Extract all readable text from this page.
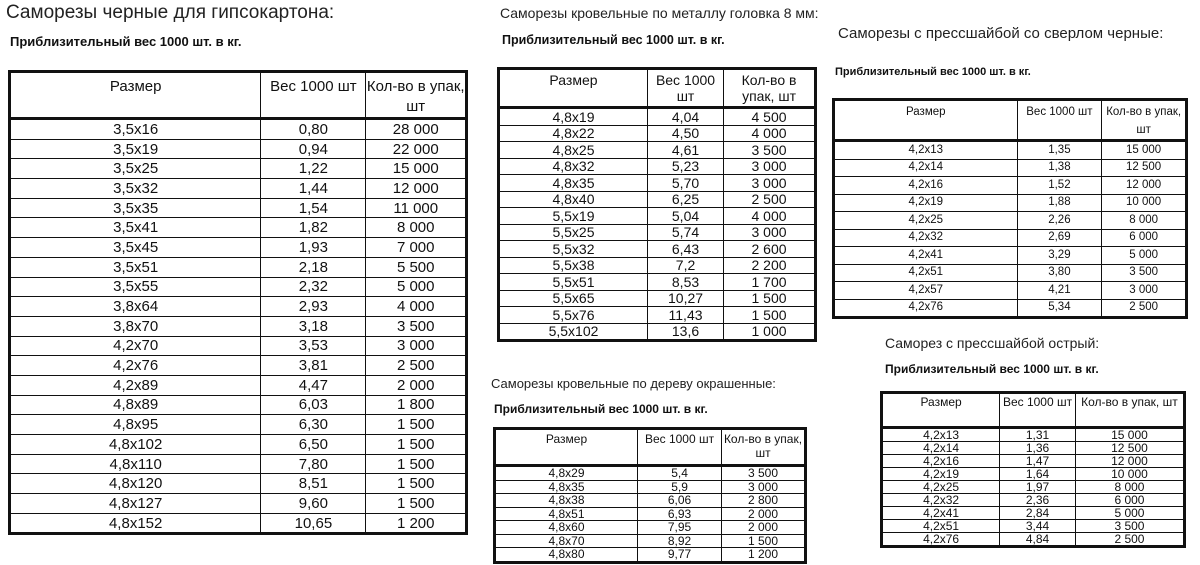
Саморезы черные для гипсокартона:
Приблизительный вес 1000 шт. в кг.
Размер	Вес 1000 шт	Кол-во в упак, шт
3,5х16	0,80	28 000
3,5х19	0,94	22 000
3,5х25	1,22	15 000
3,5х32	1,44	12 000
3,5х35	1,54	11 000
3,5х41	1,82	8 000
3,5х45	1,93	7 000
3,5х51	2,18	5 500
3,5х55	2,32	5 000
3,8х64	2,93	4 000
3,8х70	3,18	3 500
4,2х70	3,53	3 000
4,2х76	3,81	2 500
4,2х89	4,47	2 000
4,8х89	6,03	1 800
4,8х95	6,30	1 500
4,8х102	6,50	1 500
4,8х110	7,80	1 500
4,8х120	8,51	1 500
4,8х127	9,60	1 500
4,8х152	10,65	1 200
Саморезы кровельные по металлу головка 8 мм:
Приблизительный вес 1000 шт. в кг.
Размер	Вес 1000 шт	Кол-во в упак, шт
4,8х19	4,04	4 500
4,8х22	4,50	4 000
4,8х25	4,61	3 500
4,8х32	5,23	3 000
4,8х35	5,70	3 000
4,8х40	6,25	2 500
5,5х19	5,04	4 000
5,5х25	5,74	3 000
5,5х32	6,43	2 600
5,5х38	7,2	2 200
5,5х51	8,53	1 700
5,5х65	10,27	1 500
5,5х76	11,43	1 500
5,5х102	13,6	1 000
Саморезы кровельные по дереву окрашенные:
Приблизительный вес 1000 шт. в кг.
Размер	Вес 1000 шт	Кол-во в упак, шт
4,8х29	5,4	3 500
4,8х35	5,9	3 000
4,8х38	6,06	2 800
4,8х51	6,93	2 000
4,8х60	7,95	2 000
4,8х70	8,92	1 500
4,8х80	9,77	1 200
Саморезы с прессшайбой со сверлом черные:
Приблизительный вес 1000 шт. в кг.
Размер	Вес 1000 шт	Кол-во в упак, шт
4,2х13	1,35	15 000
4,2х14	1,38	12 500
4,2х16	1,52	12 000
4,2х19	1,88	10 000
4,2х25	2,26	8 000
4,2х32	2,69	6 000
4,2х41	3,29	5 000
4,2х51	3,80	3 500
4,2х57	4,21	3 000
4,2х76	5,34	2 500
Саморез с прессшайбой острый:
Приблизительный вес 1000 шт. в кг.
Размер	Вес 1000 шт	Кол-во в упак, шт
4,2х13	1,31	15 000
4,2х14	1,36	12 500
4,2х16	1,47	12 000
4,2х19	1,64	10 000
4,2х25	1,97	8 000
4,2х32	2,36	6 000
4,2х41	2,84	5 000
4,2х51	3,44	3 500
4,2х76	4,84	2 500
